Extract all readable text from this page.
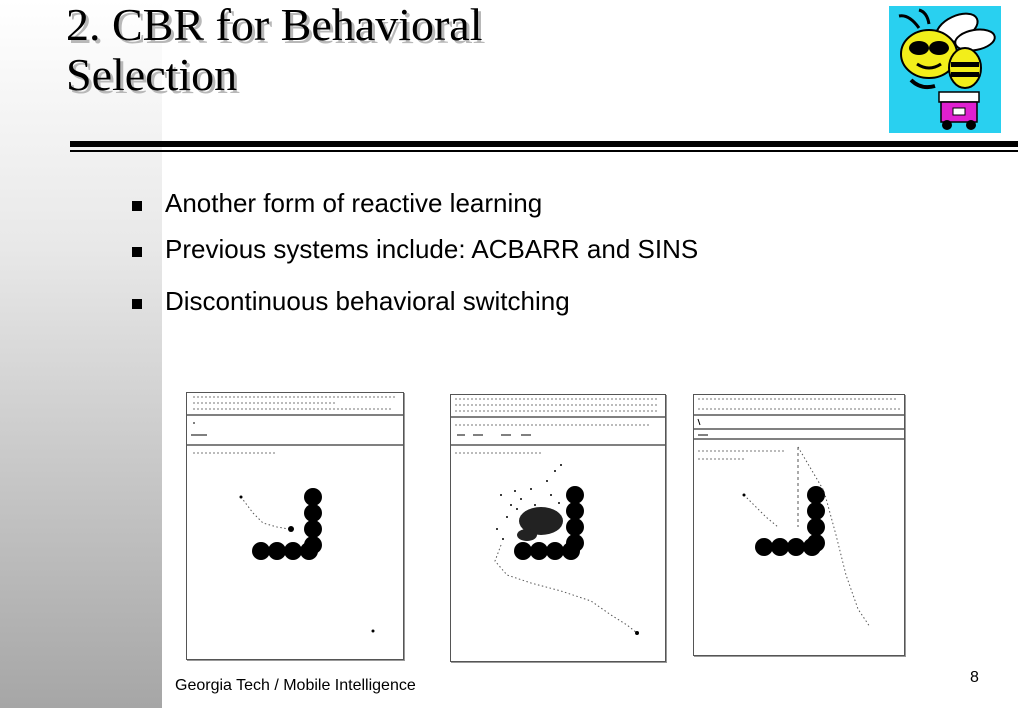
2. CBR for Behavioral
Selection
Another form of reactive learning
Previous systems include: ACBARR and SINS
Discontinuous behavioral switching
Georgia Tech / Mobile Intelligence	8
